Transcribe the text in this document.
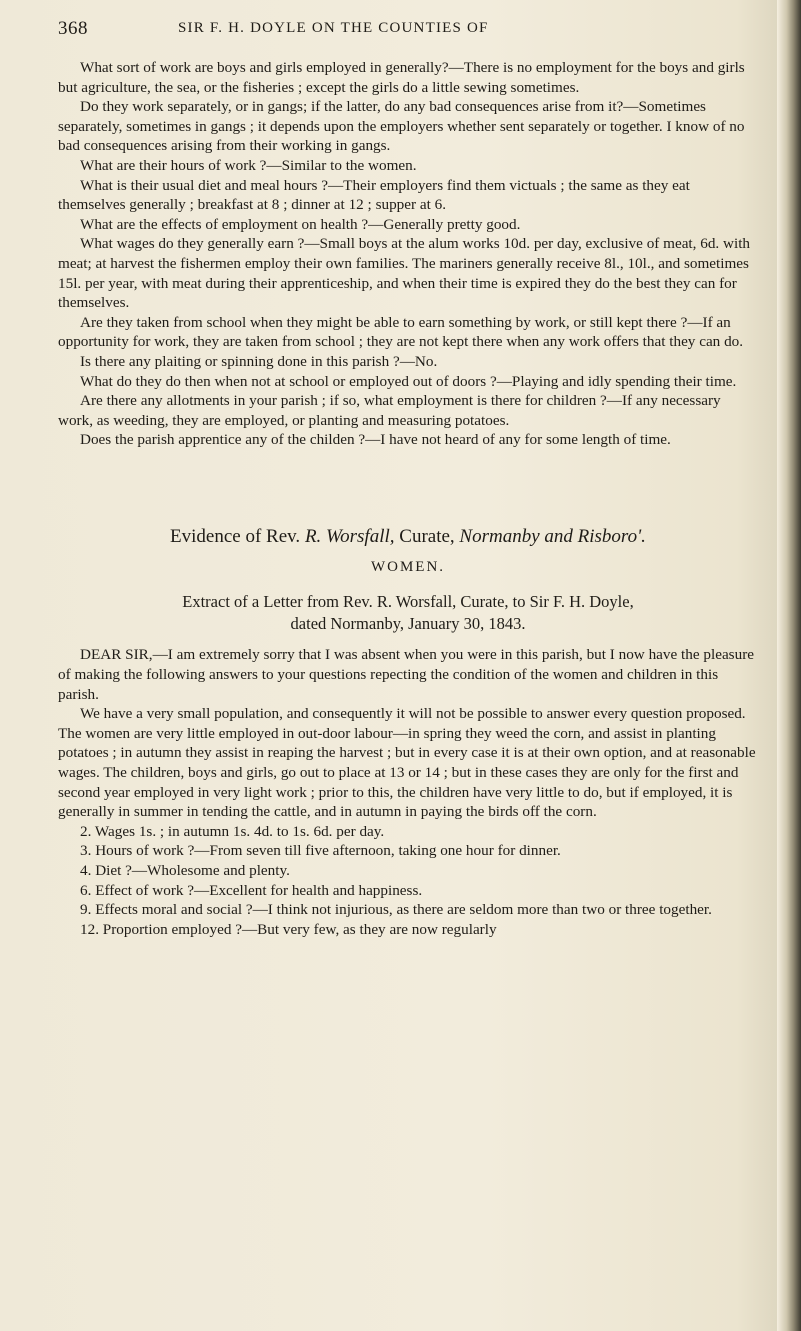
368	SIR F. H. DOYLE ON THE COUNTIES OF

What sort of work are boys and girls employed in generally?—There is no employment for the boys and girls but agriculture, the sea, or the fisheries ; except the girls do a little sewing sometimes.

Do they work separately, or in gangs; if the latter, do any bad consequences arise from it?—Sometimes separately, sometimes in gangs ; it depends upon the employers whether sent separately or together. I know of no bad consequences arising from their working in gangs.

What are their hours of work ?—Similar to the women.

What is their usual diet and meal hours ?—Their employers find them victuals ; the same as they eat themselves generally ; breakfast at 8 ; dinner at 12 ; supper at 6.

What are the effects of employment on health ?—Generally pretty good.

What wages do they generally earn ?—Small boys at the alum works 10d. per day, exclusive of meat, 6d. with meat; at harvest the fishermen employ their own families. The mariners generally receive 8l., 10l., and sometimes 15l. per year, with meat during their apprenticeship, and when their time is expired they do the best they can for themselves.

Are they taken from school when they might be able to earn something by work, or still kept there ?—If an opportunity for work, they are taken from school ; they are not kept there when any work offers that they can do.

Is there any plaiting or spinning done in this parish ?—No.

What do they do then when not at school or employed out of doors ?—Playing and idly spending their time.

Are there any allotments in your parish ; if so, what employment is there for children ?—If any necessary work, as weeding, they are employed, or planting and measuring potatoes.

Does the parish apprentice any of the childen ?—I have not heard of any for some length of time.

Evidence of Rev. R. Worsfall, Curate, Normanby and Risboro'.

WOMEN.

Extract of a Letter from Rev. R. Worsfall, Curate, to Sir F. H. Doyle,
dated Normanby, January 30, 1843.

DEAR SIR,—I am extremely sorry that I was absent when you were in this parish, but I now have the pleasure of making the following answers to your questions repecting the condition of the women and children in this parish.

We have a very small population, and consequently it will not be possible to answer every question proposed. The women are very little employed in out-door labour—in spring they weed the corn, and assist in planting potatoes ; in autumn they assist in reaping the harvest ; but in every case it is at their own option, and at reasonable wages. The children, boys and girls, go out to place at 13 or 14 ; but in these cases they are only for the first and second year employed in very light work ; prior to this, the children have very little to do, but if employed, it is generally in summer in tending the cattle, and in autumn in paying the birds off the corn.

2. Wages 1s. ; in autumn 1s. 4d. to 1s. 6d. per day.

3. Hours of work ?—From seven till five afternoon, taking one hour for dinner.

4. Diet ?—Wholesome and plenty.

6. Effect of work ?—Excellent for health and happiness.

9. Effects moral and social ?—I think not injurious, as there are seldom more than two or three together.

12. Proportion employed ?—But very few, as they are now regularly
